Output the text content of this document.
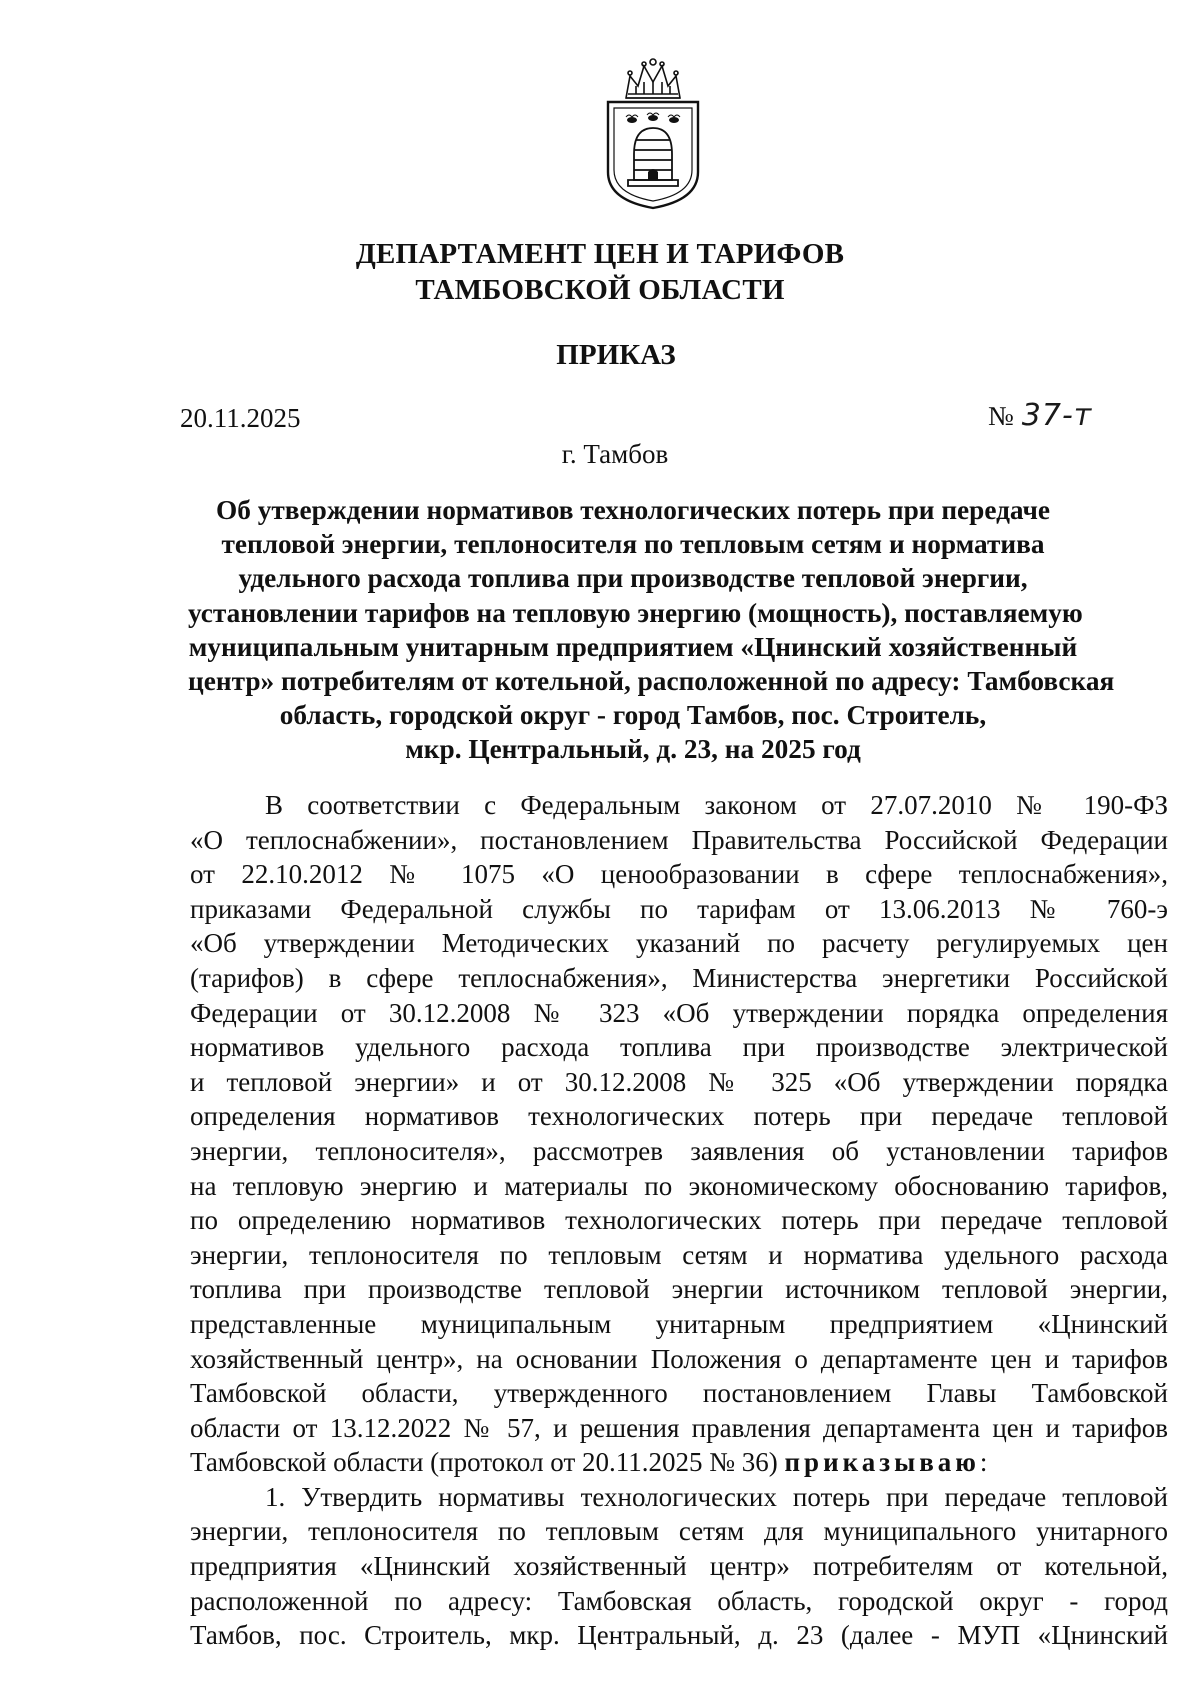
ДЕПАРТАМЕНТ ЦЕН И ТАРИФОВ
ТАМБОВСКОЙ ОБЛАСТИ
ПРИКАЗ
20.11.2025	№ 37-т
г. Тамбов
Об утверждении нормативов технологических потерь при передаче
тепловой энергии, теплоносителя по тепловым сетям и норматива
удельного расхода топлива при производстве тепловой энергии,
установлении тарифов на тепловую энергию (мощность), поставляемую
муниципальным унитарным предприятием «Цнинский хозяйственный
центр» потребителям от котельной, расположенной по адресу: Тамбовская
область, городской округ - город Тамбов, пос. Строитель,
мкр. Центральный, д. 23, на 2025 год
В соответствии с Федеральным законом от 27.07.2010 № 190-ФЗ
«О теплоснабжении», постановлением Правительства Российской Федерации
от 22.10.2012 № 1075 «О ценообразовании в сфере теплоснабжения»,
приказами Федеральной службы по тарифам от 13.06.2013 № 760-э
«Об утверждении Методических указаний по расчету регулируемых цен
(тарифов) в сфере теплоснабжения», Министерства энергетики Российской
Федерации от 30.12.2008 № 323 «Об утверждении порядка определения
нормативов удельного расхода топлива при производстве электрической
и тепловой энергии» и от 30.12.2008 № 325 «Об утверждении порядка
определения нормативов технологических потерь при передаче тепловой
энергии, теплоносителя», рассмотрев заявления об установлении тарифов
на тепловую энергию и материалы по экономическому обоснованию тарифов,
по определению нормативов технологических потерь при передаче тепловой
энергии, теплоносителя по тепловым сетям и норматива удельного расхода
топлива при производстве тепловой энергии источником тепловой энергии,
представленные муниципальным унитарным предприятием «Цнинский
хозяйственный центр», на основании Положения о департаменте цен и тарифов
Тамбовской области, утвержденного постановлением Главы Тамбовской
области от 13.12.2022 № 57, и решения правления департамента цен и тарифов
Тамбовской области (протокол от 20.11.2025 № 36) приказываю:
1. Утвердить нормативы технологических потерь при передаче тепловой
энергии, теплоносителя по тепловым сетям для муниципального унитарного
предприятия «Цнинский хозяйственный центр» потребителям от котельной,
расположенной по адресу: Тамбовская область, городской округ - город
Тамбов, пос. Строитель, мкр. Центральный, д. 23 (далее - МУП «Цнинский
